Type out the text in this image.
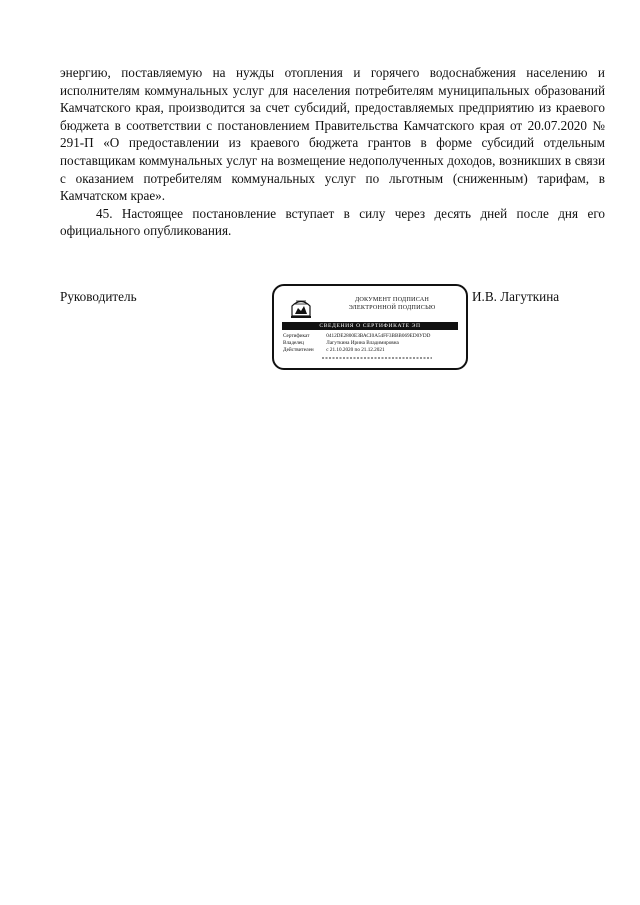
энергию, поставляемую на нужды отопления и горячего водоснабжения населению и исполнителям коммунальных услуг для населения потребителям муниципальных образований Камчатского края, производится за счет субсидий, предоставляемых предприятию из краевого бюджета в соответствии с постановлением Правительства Камчатского края от 20.07.2020 № 291-П «О предоставлении из краевого бюджета грантов в форме субсидий отдельным поставщикам коммунальных услуг на возмещение недополученных доходов, возникших в связи с оказанием потребителям коммунальных услуг по льготным (сниженным) тарифам, в Камчатском крае».

45. Настоящее постановление вступает в силу через десять дней после дня его официального опубликования.

Руководитель	ДОКУМЕНТ ПОДПИСАН
ЭЛЕКТРОННОЙ ПОДПИСЬЮ
СВЕДЕНИЯ О СЕРТИФИКАТЕ ЭП
Сертификат	0412DE2800ЕЗВАСI0А54FF3ВВВ069ЕD0УDD
Владелец	Лагуткина Ирина Владимировна
Действителен с 21.10.2020 по 21.12.2021
И.В. Лагуткина
